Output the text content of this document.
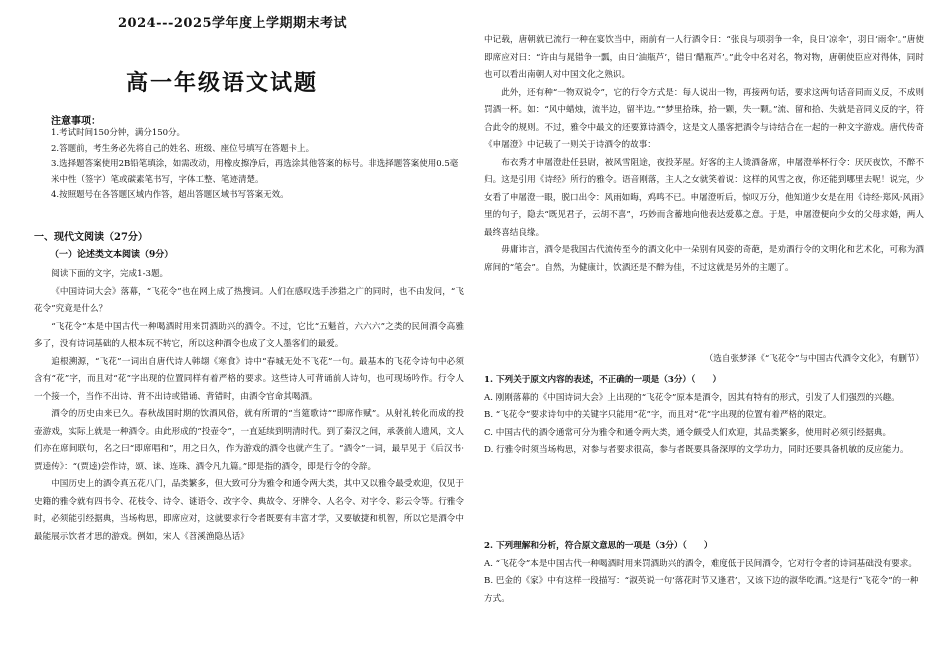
2024---2025学年度上学期期末考试
高一年级语文试题
注意事项：

1.考试时间150分钟，满分150分。

2.答题前，考生务必先将自己的姓名、班级、座位号填写在答题卡上。

3.选择题答案使用2B铅笔填涂，如需改动，用橡皮擦净后，再选涂其他答案的标号。非选择题答案使用0.5毫米中性（签字）笔或碳素笔书写，字体工整、笔迹清楚。

4.按照题号在各答题区域内作答，超出答题区域书写答案无效。

一、现代文阅读（27分）
（一）论述类文本阅读（9分）

阅读下面的文字，完成1-3题。

《中国诗词大会》落幕，“飞花令”也在网上成了热搜词。人们在感叹选手涉猎之广的同时，也不由发问，“飞花令”究竟是什么？

“飞花令”本是中国古代一种喝酒时用来罚酒助兴的酒令。不过，它比“五魁首，六六六”之类的民间酒令高雅多了，没有诗词基础的人根本玩不转它，所以这种酒令也成了文人墨客们的最爱。

追根溯源，“飞花”一词出自唐代诗人韩翃《寒食》诗中“春城无处不飞花”一句。最基本的飞花令诗句中必须含有“花”字，而且对“花”字出现的位置同样有着严格的要求。这些诗人可背诵前人诗句，也可现场吟作。行令人一个接一个，当作不出诗、背不出诗或错诵、背错时，由酒令官命其喝酒。

酒令的历史由来已久。春秋战国时期的饮酒风俗，就有所谓的“当筵歌诗”“即席作赋”。从射礼转化而成的投壶游戏，实际上就是一种酒令。由此形成的“投壶令”，一直延续到明清时代。到了秦汉之间，承袭前人遗风，文人们亦在席间联句，名之曰“即席唱和”，用之日久，作为游戏的酒令也就产生了。“酒令”一词，最早见于《后汉书·贾逵传》：“(贾逵)尝作诗，颂、诔、连珠、酒令凡九篇。”即是指的酒令，即是行令的令辞。

中国历史上的酒令真五花八门，品类繁多，但大致可分为雅令和通令两大类，其中又以雅令最受欢迎，仅见于史籍的雅令就有四书令、花枝令、诗令、谜语令、改字令、典故令、牙牌令、人名令、对字令、彩云令等。行雅令时，必须能引经据典，当场构思，即席应对，这就要求行令者既要有丰富才学，又要敏捷和机智，所以它是酒令中最能展示饮者才思的游戏。例如，宋人《苕溪渔隐丛话》

中记载，唐朝就已流行一种在宴饮当中，雨前有一人行酒令日：“张良与项羽争一伞，良日‘凉伞’，羽日‘雨伞’。”唐使即席应对曰：“许由与晁错争一瓢，由日‘油瓶芦’，错日‘醋瓶芦’。”此令中名对名，物对物，唐朝使臣应对得体，同时也可以看出南朝人对中国文化之熟识。

此外，还有种“一物双说令”，它的行令方式是：每人说出一物，再接两句话，要求这两句话音同而义反，不成则罚酒一杯。如：“风中蜡烛，流半边，留半边。”“梦里拾珠，拾一颗，失一颗。”流、留和拾、失就是音同义反的字，符合此令的规则。不过，雅令中最文的还要算诗酒令，这是文人墨客把酒令与诗结合在一起的一种文字游戏。唐代传奇《申屠澄》中记载了一则关于诗酒令的故事：

布衣秀才申屠澄赴任县尉，被风雪阻途，夜投茅屋。好客的主人烫酒备席，申屠澄举杯行令：厌厌夜饮，不醉不归。这是引用《诗经》所行的雅令。语音刚落，主人之女就笑着说：这样的风雪之夜，你还能到哪里去呢！说完，少女看了申屠澄一眼，脱口出令：风雨如晦，鸡鸣不已。申屠澄听后，惊叹万分，他知道少女是在用《诗经·郑风·风雨》里的句子，隐去“既见君子，云胡不喜”，巧妙而含蓄地向他表达爱慕之意。于是，申屠澄便向少女的父母求婚，两人最终喜结良缘。

毋庸讳言，酒令是我国古代流传至今的酒文化中一朵别有风姿的奇葩，是劝酒行令的文明化和艺术化，可称为酒席间的“笔会”。自然，为健康计，饮酒还是不醉为佳，不过这就是另外的主题了。

（选自张梦泽《“飞花令”与中国古代酒令文化》，有删节）

1. 下列关于原文内容的表述，不正确的一项是（3分）（　　）

A. 刚刚落幕的《中国诗词大会》上出现的“飞花令”原本是酒令，因其有特有的形式，引发了人们强烈的兴趣。

B. “飞花令”要求诗句中的关键字只能用“花”字，而且对“花”字出现的位置有着严格的限定。

C. 中国古代的酒令通常可分为雅令和通令两大类，通令颇受人们欢迎，其品类繁多，使用时必须引经据典。

D. 行雅令时须当场构思，对参与者要求很高，参与者既要具备深厚的文学功力，同时还要具备机敏的反应能力。

2. 下列理解和分析，符合原文意思的一项是（3分）（　　）

A. “飞花令”本是中国古代一种喝酒时用来罚酒助兴的酒令，难度低于民间酒令，它对行令者的诗词基础没有要求。

B. 巴金的《家》中有这样一段描写：“淑英说一句‘落花时节又逢君’，又该下边的淑华吃酒。”这是行“飞花令”的一种方式。
